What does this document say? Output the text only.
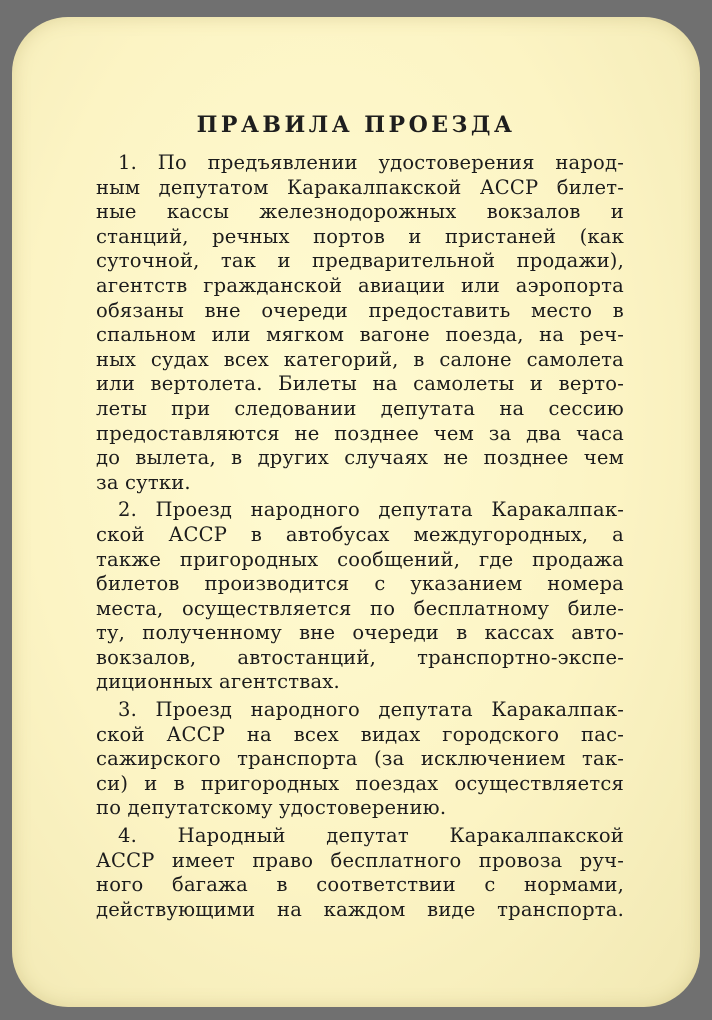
ПРАВИЛА ПРОЕЗДА

1. По предъявлении удостоверения народ-
ным депутатом Каракалпакской АССР билет-
ные кассы железнодорожных вокзалов и
станций, речных портов и пристаней (как
суточной, так и предварительной продажи),
агентств гражданской авиации или аэропорта
обязаны вне очереди предоставить место в
спальном или мягком вагоне поезда, на реч-
ных судах всех категорий, в салоне самолета
или вертолета. Билеты на самолеты и верто-
леты при следовании депутата на сессию
предоставляются не позднее чем за два часа
до вылета, в других случаях не позднее чем
за сутки.

2. Проезд народного депутата Каракалпак-
ской АССР в автобусах междугородных, а
также пригородных сообщений, где продажа
билетов производится с указанием номера
места, осуществляется по бесплатному биле-
ту, полученному вне очереди в кассах авто-
вокзалов, автостанций, транспортно-экспе-
диционных агентствах.

3. Проезд народного депутата Каракалпак-
ской АССР на всех видах городского пас-
сажирского транспорта (за исключением так-
си) и в пригородных поездах осуществляется
по депутатскому удостоверению.

4. Народный депутат Каракалпакской
АССР имеет право бесплатного провоза руч-
ного багажа в соответствии с нормами,
действующими на каждом виде транспорта.
